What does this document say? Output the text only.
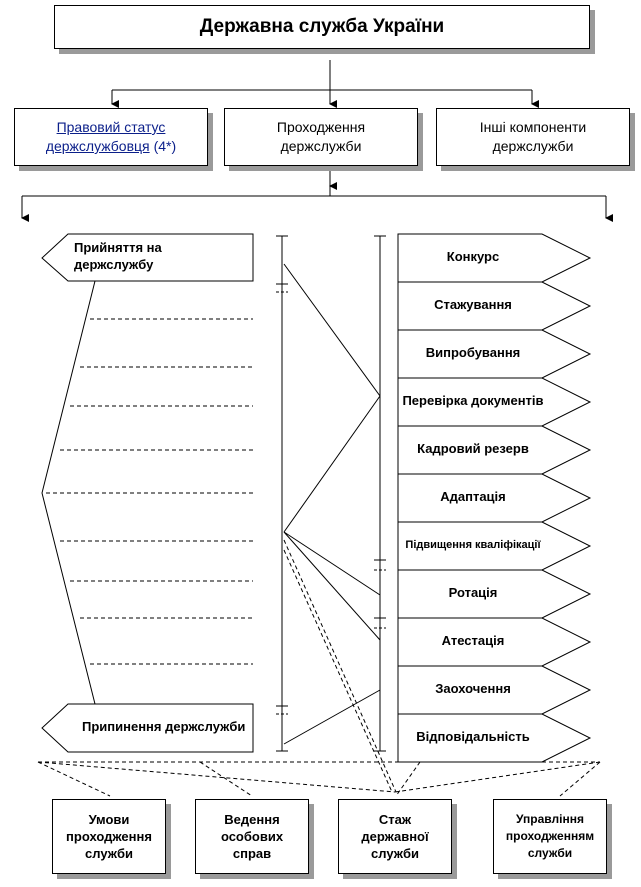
Державна служба України
Правовий статус
держслужбовця (4*)
Проходження
держслужби
Інші компоненти
держслужби
Прийняття на держслужбу
Припинення держслужби
Конкурс
Стажування
Випробування
Перевірка документів
Кадровий резерв
Адаптація
Підвищення кваліфікації
Ротація
Атестація
Заохочення
Відповідальність
Умови
проходження
служби
Ведення
особових
справ
Стаж
державної
служби
Управління
проходженням
служби
